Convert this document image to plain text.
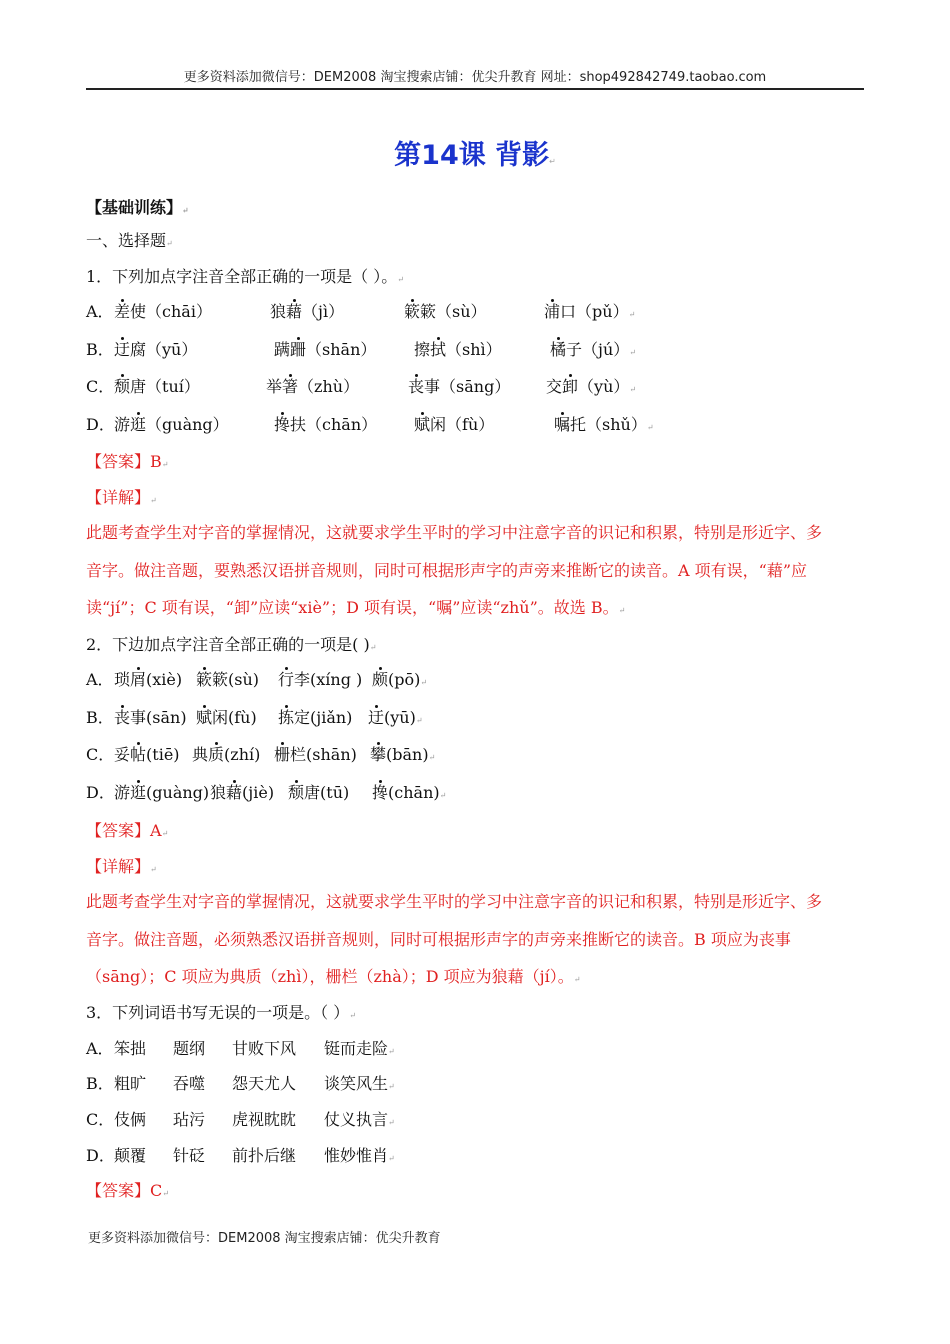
更多资料添加微信号：DEM2008 淘宝搜索店铺：优尖升教育 网址：shop492842749.taobao.com
第14课 背影↵
【基础训练】↵
一、选择题↵
1．下列加点字注音全部正确的一项是（ ）。↵
A． 差使（chāi）	狼藉（jì）	簌簌（sù）	浦口（pǔ）↵
B． 迂腐（yū）	蹒跚（shān） 擦拭（shì）	橘子（jú）↵
C． 颓唐（tuí）	举箸（zhù）	丧事（sāng） 交卸（yù）↵
D． 游逛（guàng）	搀扶（chān） 赋闲（fù）	嘱托（shǔ）↵
【答案】B↵
【详解】↵
此题考查学生对字音的掌握情况，这就要求学生平时的学习中注意字音的识记和积累，特别是形近字、多
音字。做注音题，要熟悉汉语拼音规则，同时可根据形声字的声旁来推断它的读音。A 项有误，“藉”应
读“jí”；C 项有误，“卸”应读“xiè”；D 项有误，“嘱”应读“zhǔ”。故选 B。↵
2．下边加点字注音全部正确的一项是( )↵
A． 琐屑(xiè) 簌簌(sù) 行李(xíng ) 颇(pō)↵
B． 丧事(sān) 赋闲(fù) 拣定(jiǎn) 迂(yū)↵
C． 妥帖(tiē) 典质(zhí) 栅栏(shān) 攀(bān)↵
D． 游逛(guàng) 狼藉(jiè) 颓唐(tū) 搀(chān)↵
【答案】A↵
【详解】↵
此题考查学生对字音的掌握情况，这就要求学生平时的学习中注意字音的识记和积累，特别是形近字、多
音字。做注音题，必须熟悉汉语拼音规则，同时可根据形声字的声旁来推断它的读音。B 项应为丧事
（sāng）；C 项应为典质（zhì），栅栏（zhà）；D 项应为狼藉（jí）。↵
3．下列词语书写无误的一项是。（ ）↵
A． 笨拙 题纲 甘败下风 铤而走险↵
B． 粗旷 吞噬 怨天尤人 谈笑风生↵
C． 伎俩 玷污 虎视眈眈 仗义执言↵
D． 颠覆 针砭 前扑后继 惟妙惟肖↵
【答案】C↵
更多资料添加微信号：DEM2008 淘宝搜索店铺：优尖升教育
